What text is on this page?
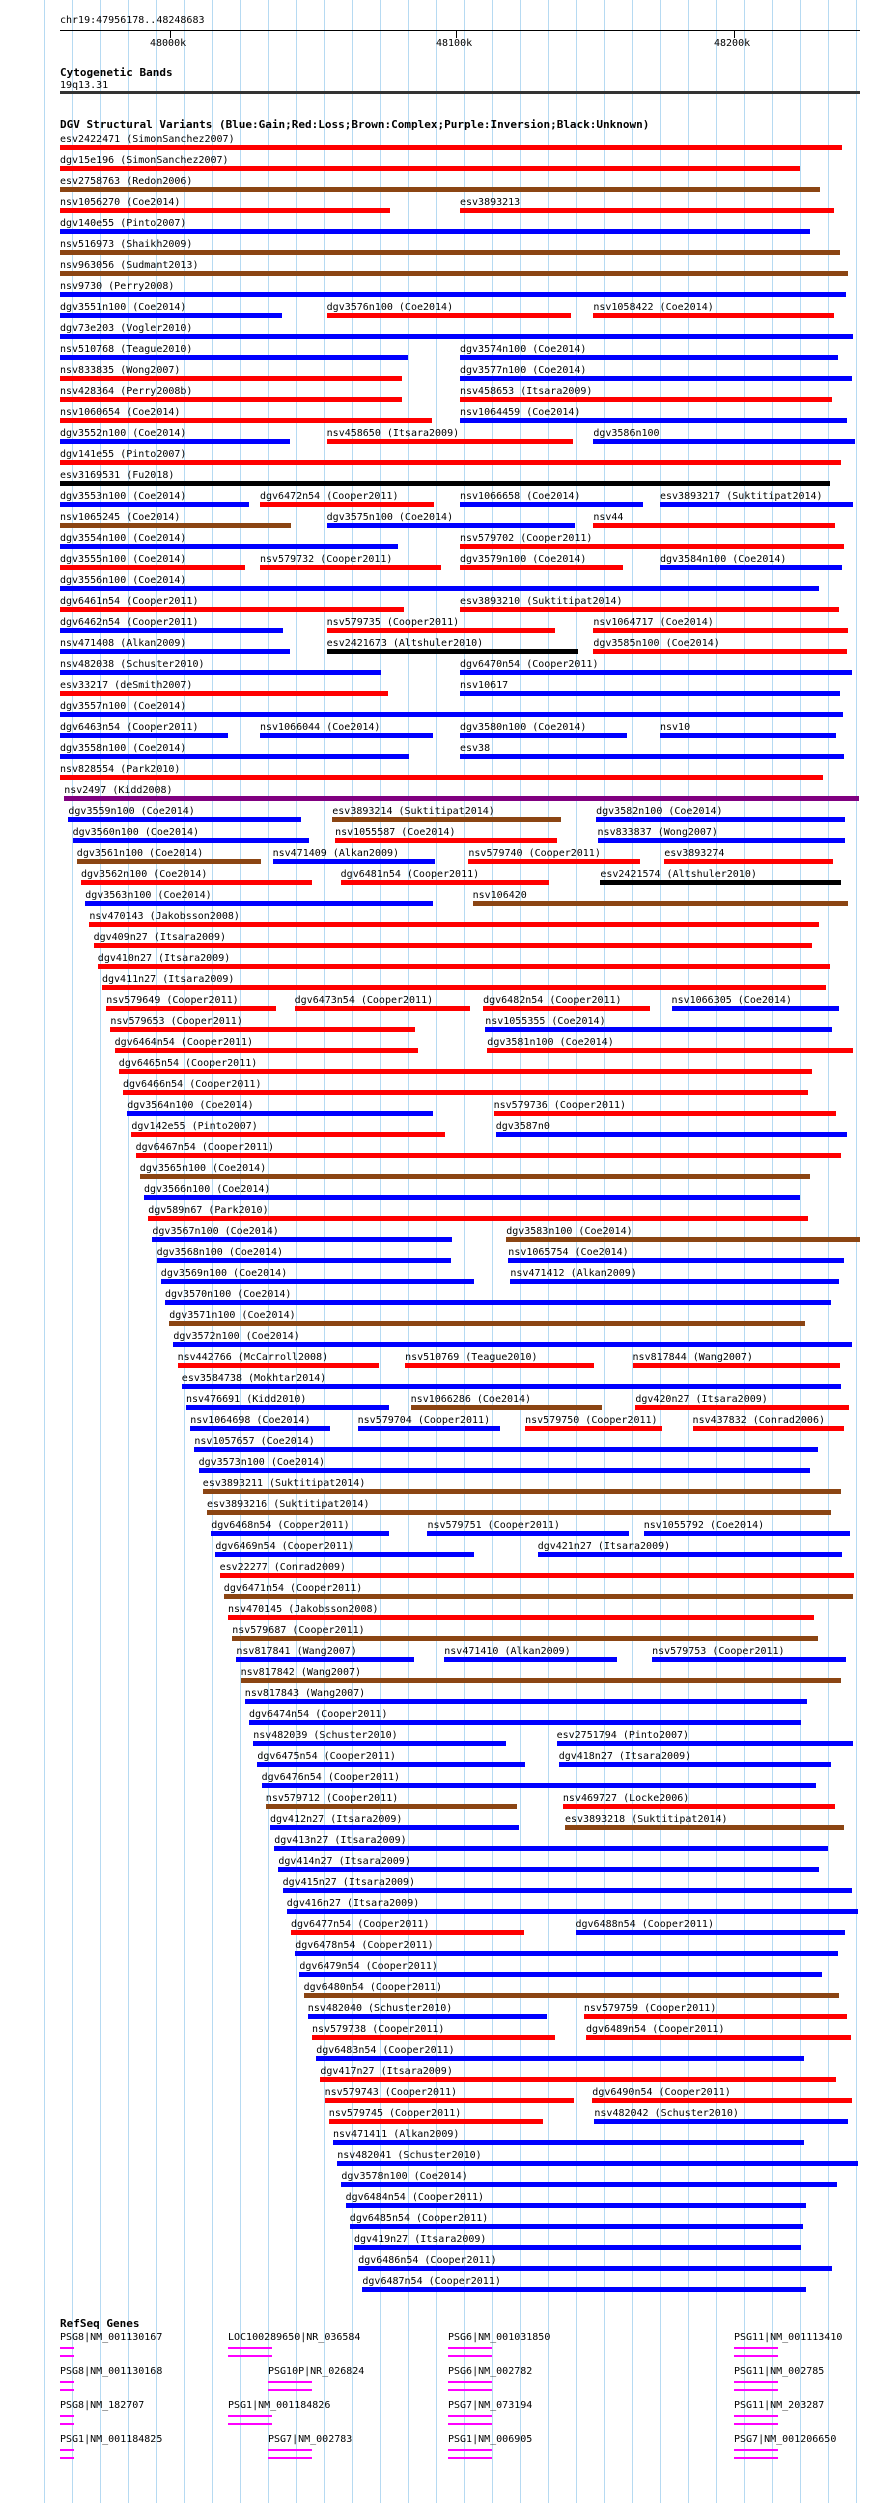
chr19:47956178..48248683
48000k	48100k	48200k
Cytogenetic Bands
19q13.31
DGV Structural Variants (Blue:Gain;Red:Loss;Brown:Complex;Purple:Inversion;Black:Unknown)
esv2422471 (SimonSanchez2007)
dgv15e196 (SimonSanchez2007)
esv2758763 (Redon2006)
nsv1056270 (Coe2014)	esv3893213
dgv140e55 (Pinto2007)
nsv516973 (Shaikh2009)
nsv963056 (Sudmant2013)
nsv9730 (Perry2008)
dgv3551n100 (Coe2014)	dgv3576n100 (Coe2014)	nsv1058422 (Coe2014)
dgv73e203 (Vogler2010)
nsv510768 (Teague2010)	dgv3574n100 (Coe2014)
nsv833835 (Wong2007)	dgv3577n100 (Coe2014)
nsv428364 (Perry2008b)	nsv458653 (Itsara2009)
nsv1060654 (Coe2014)	nsv1064459 (Coe2014)
dgv3552n100 (Coe2014)	nsv458650 (Itsara2009)	dgv3586n100
dgv141e55 (Pinto2007)
esv3169531 (Fu2018)
dgv3553n100 (Coe2014)	dgv6472n54 (Cooper2011)	nsv1066658 (Coe2014)	esv3893217 (Suktitipat2014)
nsv1065245 (Coe2014)	dgv3575n100 (Coe2014)	nsv44
dgv3554n100 (Coe2014)	nsv579702 (Cooper2011)
dgv3555n100 (Coe2014)	nsv579732 (Cooper2011)	dgv3579n100 (Coe2014)	dgv3584n100 (Coe2014)
dgv3556n100 (Coe2014)
dgv6461n54 (Cooper2011)	esv3893210 (Suktitipat2014)
dgv6462n54 (Cooper2011)	nsv579735 (Cooper2011)	nsv1064717 (Coe2014)
nsv471408 (Alkan2009)	esv2421673 (Altshuler2010)	dgv3585n100 (Coe2014)
nsv482038 (Schuster2010)	dgv6470n54 (Cooper2011)
esv33217 (deSmith2007)	nsv10617
dgv3557n100 (Coe2014)
dgv6463n54 (Cooper2011)	nsv1066044 (Coe2014)	dgv3580n100 (Coe2014)	nsv10
dgv3558n100 (Coe2014)	esv38
nsv828554 (Park2010)
nsv2497 (Kidd2008)
dgv3559n100 (Coe2014)	esv3893214 (Suktitipat2014)	dgv3582n100 (Coe2014)
dgv3560n100 (Coe2014)	nsv1055587 (Coe2014)	nsv833837 (Wong2007)
dgv3561n100 (Coe2014)	nsv471409 (Alkan2009)	nsv579740 (Cooper2011)	esv3893274
dgv3562n100 (Coe2014)	dgv6481n54 (Cooper2011)	esv2421574 (Altshuler2010)
dgv3563n100 (Coe2014)	nsv106420
nsv470143 (Jakobsson2008)
dgv409n27 (Itsara2009)
dgv410n27 (Itsara2009)
dgv411n27 (Itsara2009)
nsv579649 (Cooper2011)	dgv6473n54 (Cooper2011)	dgv6482n54 (Cooper2011)	nsv1066305 (Coe2014)
nsv579653 (Cooper2011)	nsv1055355 (Coe2014)
dgv6464n54 (Cooper2011)	dgv3581n100 (Coe2014)
dgv6465n54 (Cooper2011)
dgv6466n54 (Cooper2011)
dgv3564n100 (Coe2014)	nsv579736 (Cooper2011)
dgv142e55 (Pinto2007)	dgv3587n0
dgv6467n54 (Cooper2011)
dgv3565n100 (Coe2014)
dgv3566n100 (Coe2014)
dgv589n67 (Park2010)
dgv3567n100 (Coe2014)	dgv3583n100 (Coe2014)
dgv3568n100 (Coe2014)	nsv1065754 (Coe2014)
dgv3569n100 (Coe2014)	nsv471412 (Alkan2009)
dgv3570n100 (Coe2014)
dgv3571n100 (Coe2014)
dgv3572n100 (Coe2014)
nsv442766 (McCarroll2008)	nsv510769 (Teague2010)	nsv817844 (Wang2007)
esv3584738 (Mokhtar2014)
nsv476691 (Kidd2010)	nsv1066286 (Coe2014)	dgv420n27 (Itsara2009)
nsv1064698 (Coe2014)	nsv579704 (Cooper2011)	nsv579750 (Cooper2011)	nsv437832 (Conrad2006)
nsv1057657 (Coe2014)
dgv3573n100 (Coe2014)
esv3893211 (Suktitipat2014)
esv3893216 (Suktitipat2014)
dgv6468n54 (Cooper2011)	nsv579751 (Cooper2011)	nsv1055792 (Coe2014)
dgv6469n54 (Cooper2011)	dgv421n27 (Itsara2009)
esv22277 (Conrad2009)
dgv6471n54 (Cooper2011)
nsv470145 (Jakobsson2008)
nsv579687 (Cooper2011)
nsv817841 (Wang2007)	nsv471410 (Alkan2009)	nsv579753 (Cooper2011)
nsv817842 (Wang2007)
nsv817843 (Wang2007)
dgv6474n54 (Cooper2011)
nsv482039 (Schuster2010)	esv2751794 (Pinto2007)
dgv6475n54 (Cooper2011)	dgv418n27 (Itsara2009)
dgv6476n54 (Cooper2011)
nsv579712 (Cooper2011)	nsv469727 (Locke2006)
dgv412n27 (Itsara2009)	esv3893218 (Suktitipat2014)
dgv413n27 (Itsara2009)
dgv414n27 (Itsara2009)
dgv415n27 (Itsara2009)
dgv416n27 (Itsara2009)
dgv6477n54 (Cooper2011)	dgv6488n54 (Cooper2011)
dgv6478n54 (Cooper2011)
dgv6479n54 (Cooper2011)
dgv6480n54 (Cooper2011)
nsv482040 (Schuster2010)	nsv579759 (Cooper2011)
nsv579738 (Cooper2011)	dgv6489n54 (Cooper2011)
dgv6483n54 (Cooper2011)
dgv417n27 (Itsara2009)
nsv579743 (Cooper2011)	dgv6490n54 (Cooper2011)
nsv579745 (Cooper2011)	nsv482042 (Schuster2010)
nsv471411 (Alkan2009)
nsv482041 (Schuster2010)
dgv3578n100 (Coe2014)
dgv6484n54 (Cooper2011)
dgv6485n54 (Cooper2011)
dgv419n27 (Itsara2009)
dgv6486n54 (Cooper2011)
dgv6487n54 (Cooper2011)
RefSeq Genes
PSG8|NM_001130167	LOC100289650|NR_036584	PSG6|NM_001031850	PSG11|NM_001113410
PSG8|NM_001130168	PSG10P|NR_026824	PSG6|NM_002782	PSG11|NM_002785
PSG8|NM_182707	PSG1|NM_001184826	PSG7|NM_073194	PSG11|NM_203287
PSG1|NM_001184825	PSG7|NM_002783	PSG1|NM_006905	PSG7|NM_001206650
